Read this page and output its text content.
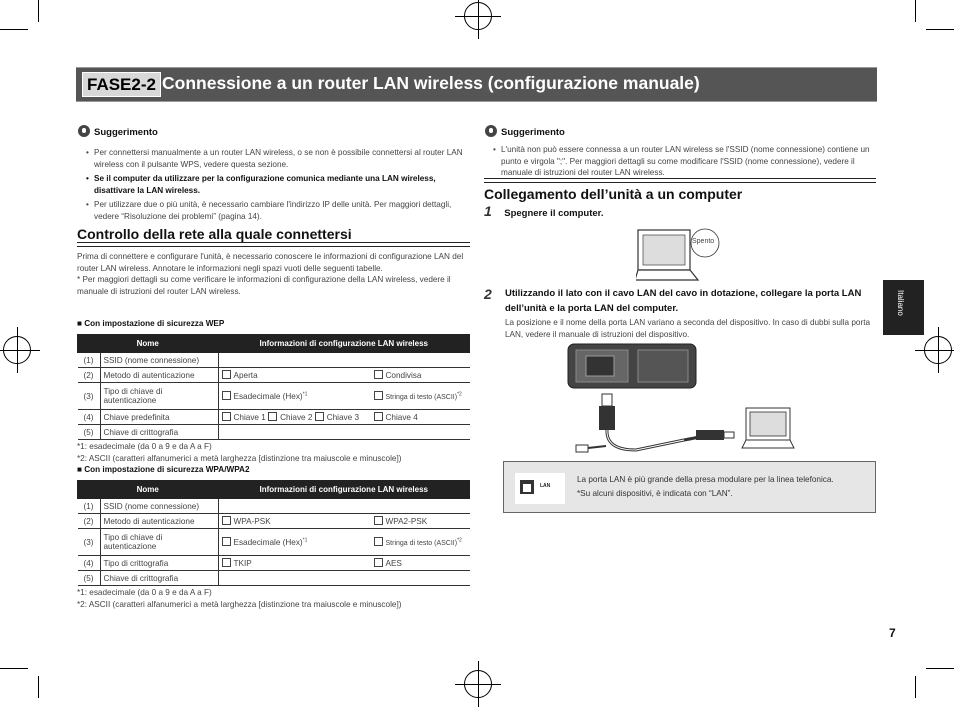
FASE2-2 Connessione a un router LAN wireless (configurazione manuale)
Suggerimento
• Per connettersi manualmente a un router LAN wireless, o se non è possibile connettersi al router LAN wireless con il pulsante WPS, vedere questa sezione.
• Se il computer da utilizzare per la configurazione comunica mediante una LAN wireless, disattivare la LAN wireless.
• Per utilizzare due o più unità, è necessario cambiare l'indirizzo IP delle unità. Per maggiori dettagli, vedere “Risoluzione dei problemi” (pagina 14).
Controllo della rete alla quale connettersi
Prima di connettere e configurare l'unità, è necessario conoscere le informazioni di configurazione LAN del router LAN wireless. Annotare le informazioni negli spazi vuoti delle seguenti tabelle.
* Per maggiori dettagli su come verificare le informazioni di configurazione della LAN wireless, vedere il manuale di istruzioni del router LAN wireless.
■ Con impostazione di sicurezza WEP
Nome		Informazioni di configurazione LAN wireless	
(1)	SSID (nome connessione)		
(2)	Metodo di autenticazione	Aperta	Condivisa
(3)	Tipo di chiave di autenticazione	Esadecimale (Hex)$^{*1}$	Stringa di testo (ASCII)$^{*2}$
(4)	Chiave predefinita	Chiave 1 Chiave 2 Chiave 3	Chiave 4
(5)	Chiave di crittografia		
*1: esadecimale (da 0 a 9 e da A a F)
*2: ASCII (caratteri alfanumerici a metà larghezza [distinzione tra maiuscole e minuscole])
■ Con impostazione di sicurezza WPA/WPA2
Nome		Informazioni di configurazione LAN wireless	
(1)	SSID (nome connessione)		
(2)	Metodo di autenticazione	WPA-PSK	WPA2-PSK
(3)	Tipo di chiave di autenticazione	Esadecimale (Hex)$^{*1}$	Stringa di testo (ASCII)$^{*2}$
(4)	Tipo di crittografia	TKIP	AES
(5)	Chiave di crittografia		
*1: esadecimale (da 0 a 9 e da A a F)
*2: ASCII (caratteri alfanumerici a metà larghezza [distinzione tra maiuscole e minuscole])
Suggerimento
• L'unità non può essere connessa a un router LAN wireless se l'SSID (nome connessione) contiene un punto e virgola ";". Per maggiori dettagli su come modificare l'SSID (nome connessione), vedere il manuale di istruzioni del router LAN wireless.
Collegamento dell’unità a un computer
1 Spegnere il computer.
Spento
2 Utilizzando il lato con il cavo LAN del cavo in dotazione, collegare la porta LAN dell’unità e la porta LAN del computer.
La posizione e il nome della porta LAN variano a seconda del dispositivo. In caso di dubbi sulla porta LAN, vedere il manuale di istruzioni del dispositivo.
LAN
La porta LAN è più grande della presa modulare per la linea telefonica.
*Su alcuni dispositivi, è indicata con “LAN”.
Italiano
7
